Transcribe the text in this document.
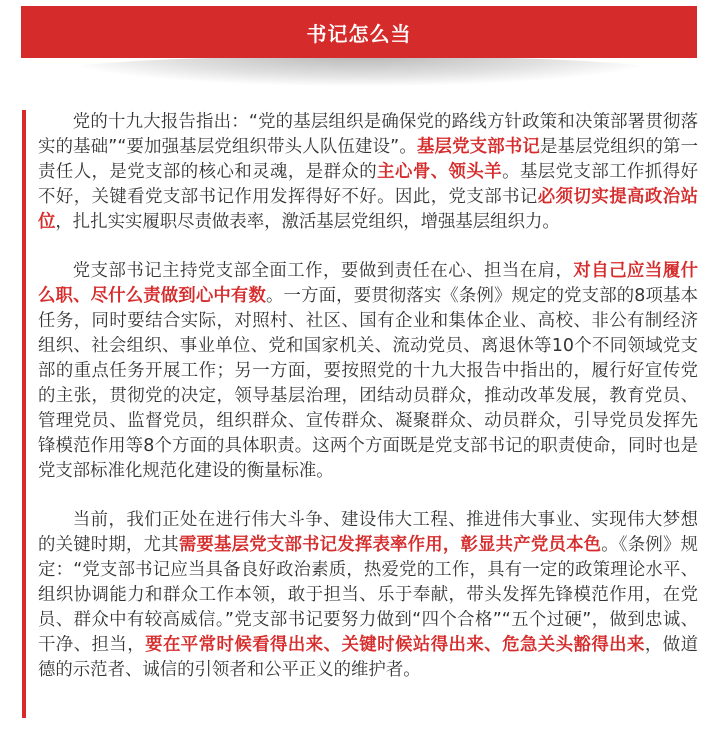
书记怎么当

党的十九大报告指出：“党的基层组织是确保党的路线方针政策和决策部署贯彻落实的基础”“要加强基层党组织带头人队伍建设”。基层党支部书记是基层党组织的第一责任人，是党支部的核心和灵魂，是群众的主心骨、领头羊。基层党支部工作抓得好不好，关键看党支部书记作用发挥得好不好。因此，党支部书记必须切实提高政治站位，扎扎实实履职尽责做表率，激活基层党组织，增强基层组织力。

党支部书记主持党支部全面工作，要做到责任在心、担当在肩，对自己应当履什么职、尽什么责做到心中有数。一方面，要贯彻落实《条例》规定的党支部的8项基本任务，同时要结合实际，对照村、社区、国有企业和集体企业、高校、非公有制经济组织、社会组织、事业单位、党和国家机关、流动党员、离退休等10个不同领域党支部的重点任务开展工作；另一方面，要按照党的十九大报告中指出的，履行好宣传党的主张，贯彻党的决定，领导基层治理，团结动员群众，推动改革发展，教育党员、管理党员、监督党员，组织群众、宣传群众、凝聚群众、动员群众，引导党员发挥先锋模范作用等8个方面的具体职责。这两个方面既是党支部书记的职责使命，同时也是党支部标准化规范化建设的衡量标准。

当前，我们正处在进行伟大斗争、建设伟大工程、推进伟大事业、实现伟大梦想的关键时期，尤其需要基层党支部书记发挥表率作用，彰显共产党员本色。《条例》规定：“党支部书记应当具备良好政治素质，热爱党的工作，具有一定的政策理论水平、组织协调能力和群众工作本领，敢于担当、乐于奉献，带头发挥先锋模范作用，在党员、群众中有较高威信。”党支部书记要努力做到“四个合格”“五个过硬”，做到忠诚、干净、担当，要在平常时候看得出来、关键时候站得出来、危急关头豁得出来，做道德的示范者、诚信的引领者和公平正义的维护者。
